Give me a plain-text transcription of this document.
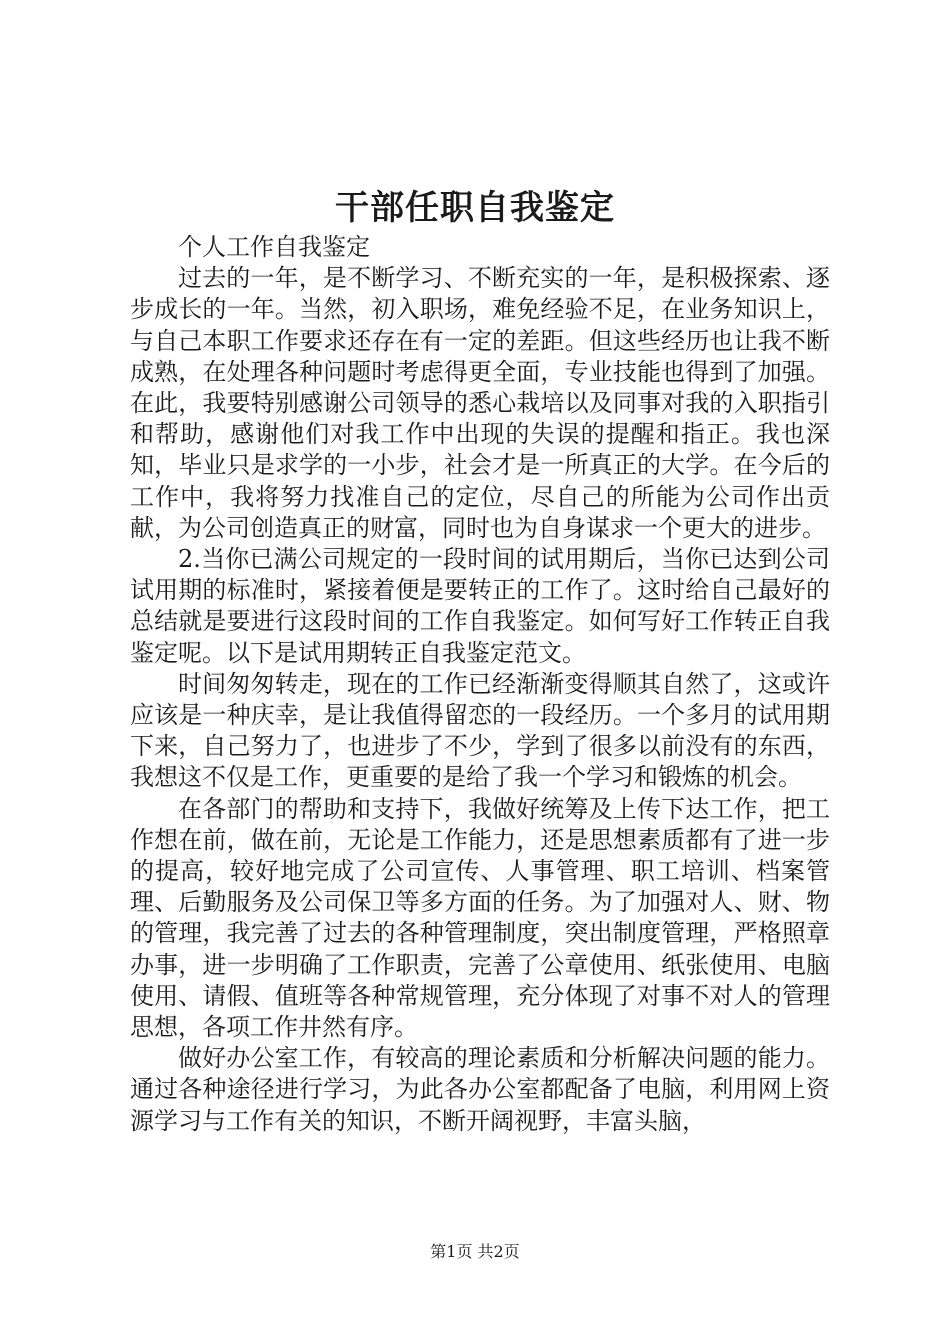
干部任职自我鉴定

个人工作自我鉴定

过去的一年，是不断学习、不断充实的一年，是积极探索、逐步成长的一年。当然，初入职场，难免经验不足，在业务知识上，与自己本职工作要求还存在有一定的差距。但这些经历也让我不断成熟，在处理各种问题时考虑得更全面，专业技能也得到了加强。在此，我要特别感谢公司领导的悉心栽培以及同事对我的入职指引和帮助，感谢他们对我工作中出现的失误的提醒和指正。我也深知，毕业只是求学的一小步，社会才是一所真正的大学。在今后的工作中，我将努力找准自己的定位，尽自己的所能为公司作出贡献，为公司创造真正的财富，同时也为自身谋求一个更大的进步。

2.当你已满公司规定的一段时间的试用期后，当你已达到公司试用期的标准时，紧接着便是要转正的工作了。这时给自己最好的总结就是要进行这段时间的工作自我鉴定。如何写好工作转正自我鉴定呢。以下是试用期转正自我鉴定范文。

时间匆匆转走，现在的工作已经渐渐变得顺其自然了，这或许应该是一种庆幸，是让我值得留恋的一段经历。一个多月的试用期下来，自己努力了，也进步了不少，学到了很多以前没有的东西，我想这不仅是工作，更重要的是给了我一个学习和锻炼的机会。

在各部门的帮助和支持下，我做好统筹及上传下达工作，把工作想在前，做在前，无论是工作能力，还是思想素质都有了进一步的提高，较好地完成了公司宣传、人事管理、职工培训、档案管理、后勤服务及公司保卫等多方面的任务。为了加强对人、财、物的管理，我完善了过去的各种管理制度，突出制度管理，严格照章办事，进一步明确了工作职责，完善了公章使用、纸张使用、电脑使用、请假、值班等各种常规管理，充分体现了对事不对人的管理思想，各项工作井然有序。

做好办公室工作，有较高的理论素质和分析解决问题的能力。通过各种途径进行学习，为此各办公室都配备了电脑，利用网上资源学习与工作有关的知识，不断开阔视野，丰富头脑，

第1页 共2页
